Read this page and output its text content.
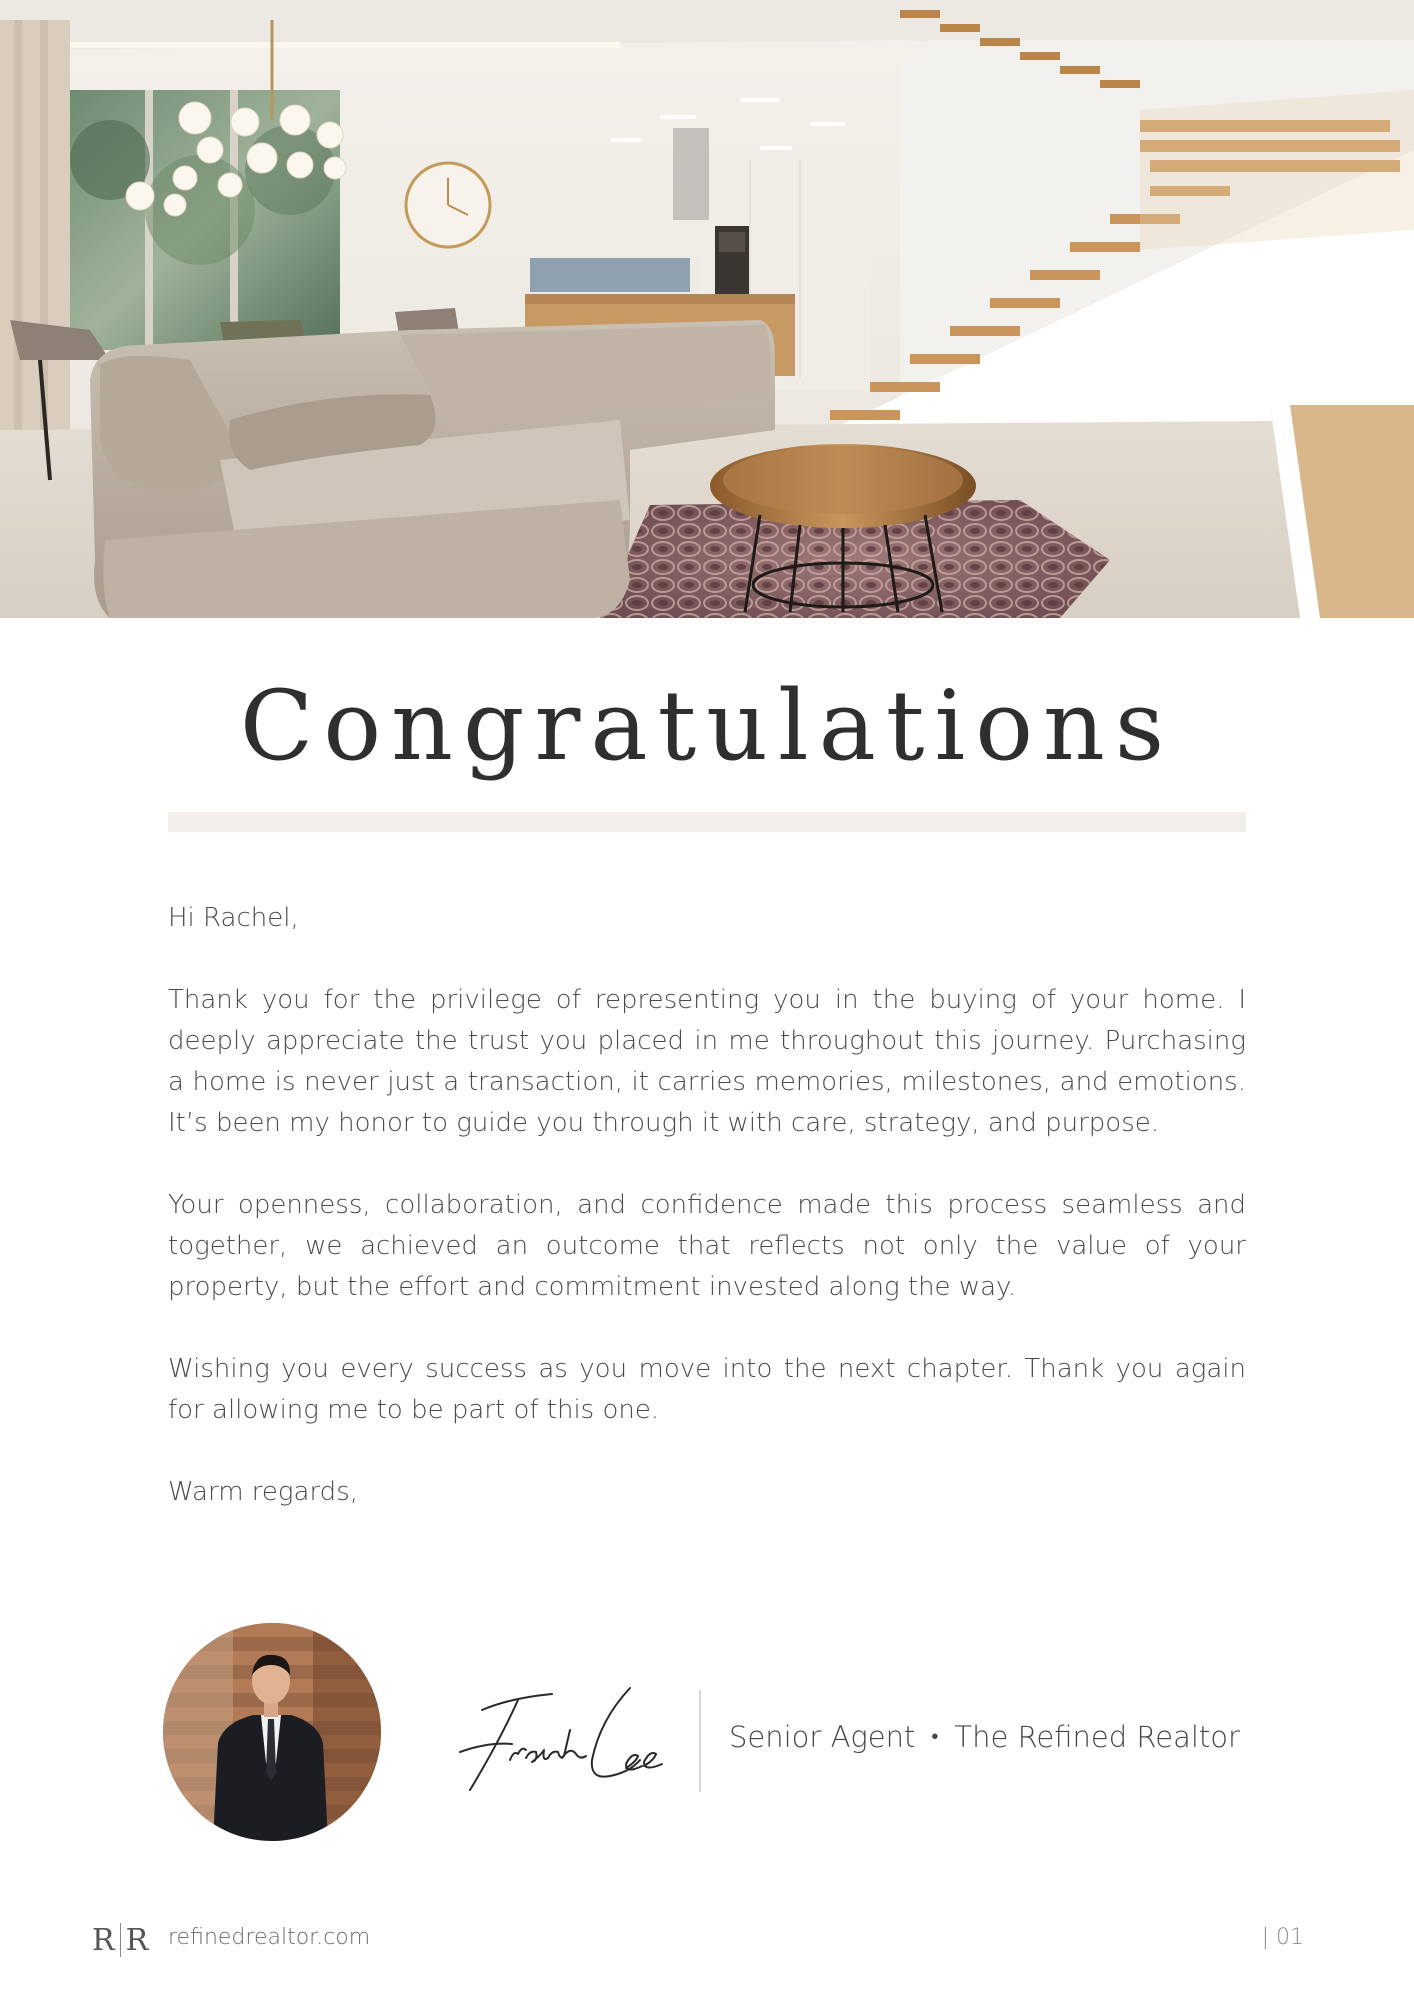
Congratulations

Hi Rachel,

Thank you for the privilege of representing you in the buying of your home. I deeply appreciate the trust you placed in me throughout this journey. Purchasing a home is never just a transaction, it carries memories, milestones, and emotions. It’s been my honor to guide you through it with care, strategy, and purpose.

Your openness, collaboration, and confidence made this process seamless and together, we achieved an outcome that reflects not only the value of your property, but the effort and commitment invested along the way.

Wishing you every success as you move into the next chapter. Thank you again for allowing me to be part of this one.

Warm regards,

Senior Agent • The Refined Realtor
R R refinedrealtor.com	| 01
